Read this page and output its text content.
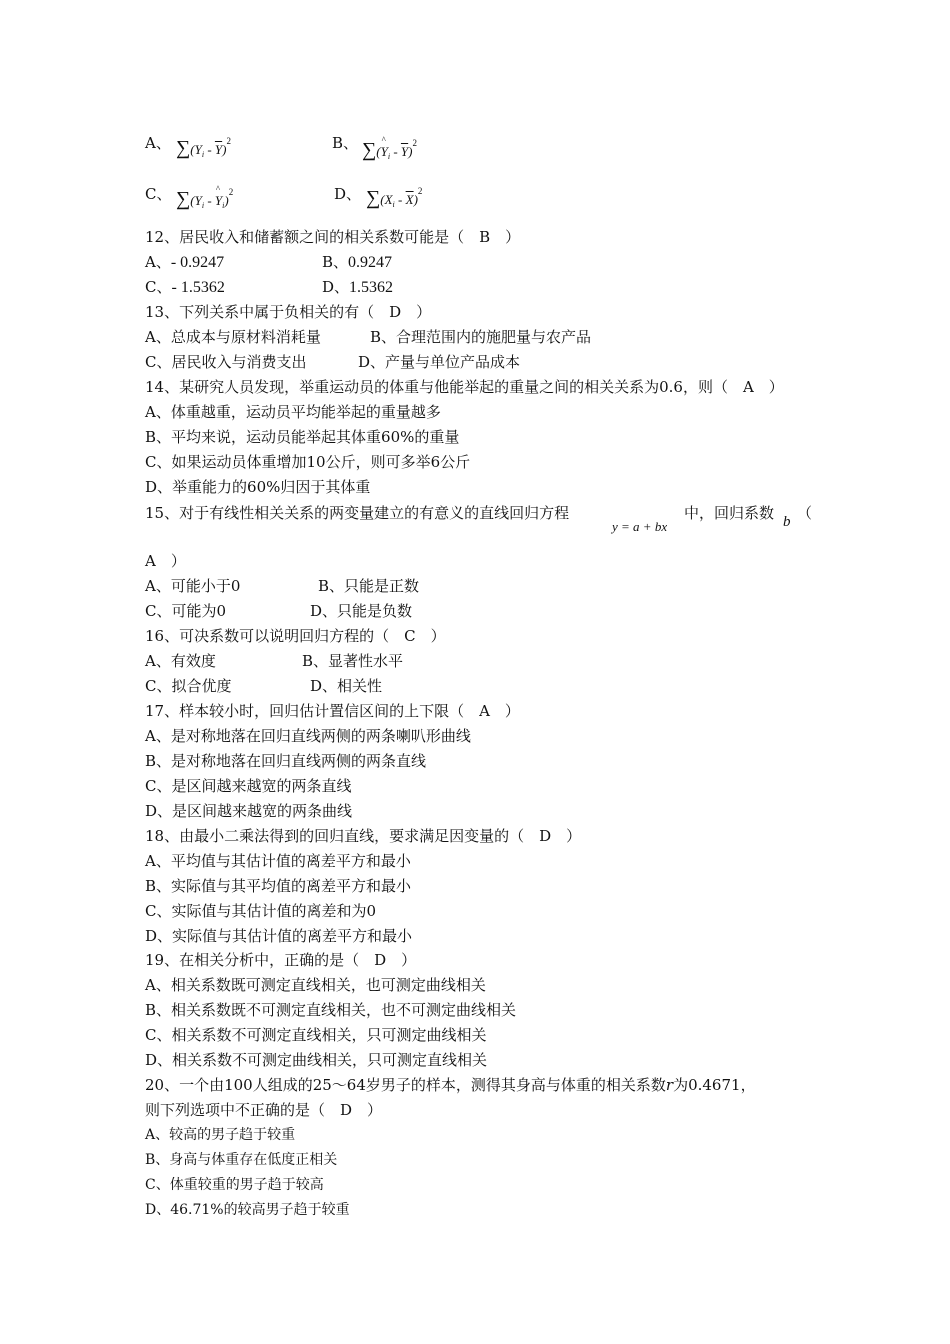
A、 $\sum(Y_i - \overline{Y})^2$	B、 ∑(^ $Y_i - \overline{Y})^2$
C、 $\sum(Y_i$ - ^ $Y_i)^2$	D、 $\sum(X_i - \overline{X})^2$
12、居民收入和储蓄额之间的相关系数可能是（　B　）
A、- 0.9247	B、0.9247
C、- 1.5362	D、1.5362
13、下列关系中属于负相关的有（　D　）
A、总成本与原材料消耗量	B、合理范围内的施肥量与农产品
C、居民收入与消费支出	D、产量与单位产品成本
14、某研究人员发现，举重运动员的体重与他能举起的重量之间的相关关系为0.6，则（　A　）
A、体重越重，运动员平均能举起的重量越多
B、平均来说，运动员能举起其体重60%的重量
C、如果运动员体重增加10公斤，则可多举6公斤
D、举重能力的60%归因于其体重
15、对于有线性相关关系的两变量建立的有意义的直线回归方程
y = a + bx
中，回归系数 b （
A　）
A、可能小于0	B、只能是正数
C、可能为0	D、只能是负数
16、可决系数可以说明回归方程的（　C　）
A、有效度	B、显著性水平
C、拟合优度	D、相关性
17、样本较小时，回归估计置信区间的上下限（　A　）
A、是对称地落在回归直线两侧的两条喇叭形曲线
B、是对称地落在回归直线两侧的两条直线
C、是区间越来越宽的两条直线
D、是区间越来越宽的两条曲线
18、由最小二乘法得到的回归直线，要求满足因变量的（　D　）
A、平均值与其估计值的离差平方和最小
B、实际值与其平均值的离差平方和最小
C、实际值与其估计值的离差和为0
D、实际值与其估计值的离差平方和最小
19、在相关分析中，正确的是（　D　）
A、相关系数既可测定直线相关，也可测定曲线相关
B、相关系数既不可测定直线相关，也不可测定曲线相关
C、相关系数不可测定直线相关，只可测定曲线相关
D、相关系数不可测定曲线相关，只可测定直线相关
20、一个由100人组成的25～64岁男子的样本，测得其身高与体重的相关系数r为0.4671，
则下列选项中不正确的是（　D　）
A、较高的男子趋于较重
B、身高与体重存在低度正相关
C、体重较重的男子趋于较高
D、46.71%的较高男子趋于较重
